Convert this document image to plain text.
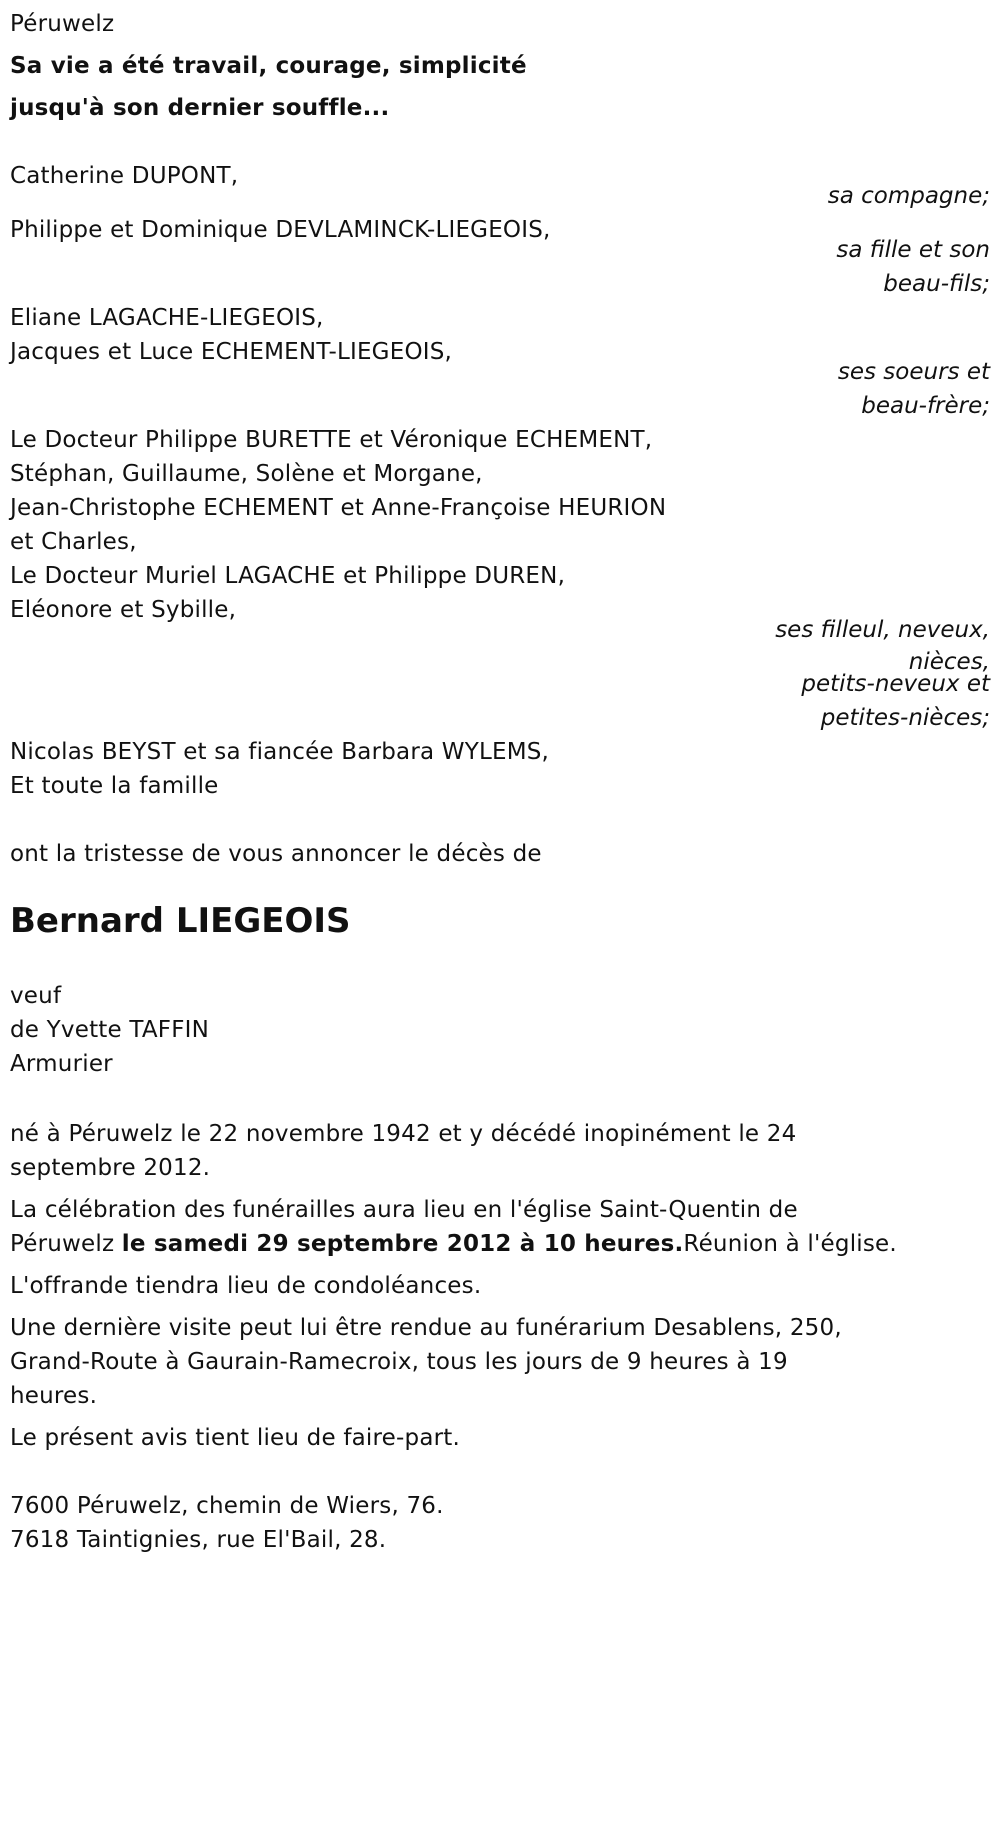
Péruwelz

Sa vie a été travail, courage, simplicité

jusqu'à son dernier souffle...

Catherine DUPONT,

sa compagne;

Philippe et Dominique DEVLAMINCK-LIEGEOIS,

sa fille et son

beau-fils;

Eliane LAGACHE-LIEGEOIS,

Jacques et Luce ECHEMENT-LIEGEOIS,

ses soeurs et

beau-frère;

Le Docteur Philippe BURETTE et Véronique ECHEMENT,

Stéphan, Guillaume, Solène et Morgane,

Jean-Christophe ECHEMENT et Anne-Françoise HEURION

et Charles,

Le Docteur Muriel LAGACHE et Philippe DUREN,

Eléonore et Sybille,

ses filleul, neveux,

nièces,

petits-neveux et

petites-nièces;

Nicolas BEYST et sa fiancée Barbara WYLEMS,

Et toute la famille

ont la tristesse de vous annoncer le décès de

Bernard LIEGEOIS

veuf

de Yvette TAFFIN

Armurier

né à Péruwelz le 22 novembre 1942 et y décédé inopinément le 24

septembre 2012.

La célébration des funérailles aura lieu en l'église Saint-Quentin de

Péruwelz le samedi 29 septembre 2012 à 10 heures.Réunion à l'église.

L'offrande tiendra lieu de condoléances.

Une dernière visite peut lui être rendue au funérarium Desablens, 250,

Grand-Route à Gaurain-Ramecroix, tous les jours de 9 heures à 19

heures.

Le présent avis tient lieu de faire-part.

7600 Péruwelz, chemin de Wiers, 76.

7618 Taintignies, rue El'Bail, 28.
